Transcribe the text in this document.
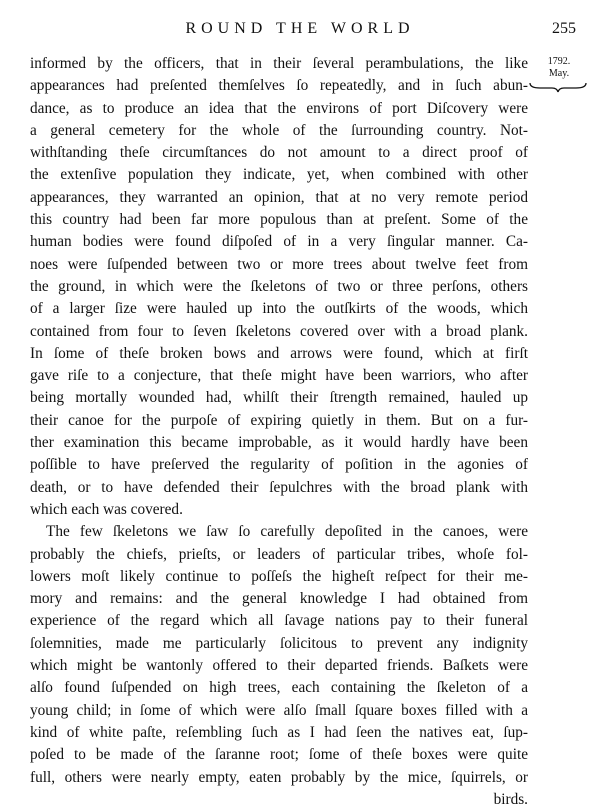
ROUND THE WORLD	255
1792.
May.
informed by the officers, that in their ſeveral perambulations, the like
appearances had preſented themſelves ſo repeatedly, and in ſuch abun-
dance, as to produce an idea that the environs of port Diſcovery were
a general cemetery for the whole of the ſurrounding country. Not-
withſtanding theſe circumſtances do not amount to a direct proof of
the extenſive population they indicate, yet, when combined with other
appearances, they warranted an opinion, that at no very remote period
this country had been far more populous than at preſent. Some of the
human bodies were found diſpoſed of in a very ſingular manner. Ca-
noes were ſuſpended between two or more trees about twelve feet from
the ground, in which were the ſkeletons of two or three perſons, others
of a larger ſize were hauled up into the outſkirts of the woods, which
contained from four to ſeven ſkeletons covered over with a broad plank.
In ſome of theſe broken bows and arrows were found, which at firſt
gave riſe to a conjecture, that theſe might have been warriors, who after
being mortally wounded had, whilſt their ſtrength remained, hauled up
their canoe for the purpoſe of expiring quietly in them. But on a fur-
ther examination this became improbable, as it would hardly have been
poſſible to have preſerved the regularity of poſition in the agonies of
death, or to have defended their ſepulchres with the broad plank with
which each was covered.
The few ſkeletons we ſaw ſo carefully depoſited in the canoes, were
probably the chiefs, prieſts, or leaders of particular tribes, whoſe fol-
lowers moſt likely continue to poſſeſs the higheſt reſpect for their me-
mory and remains: and the general knowledge I had obtained from
experience of the regard which all ſavage nations pay to their funeral
ſolemnities, made me particularly ſolicitous to prevent any indignity
which might be wantonly offered to their departed friends. Baſkets were
alſo found ſuſpended on high trees, each containing the ſkeleton of a
young child; in ſome of which were alſo ſmall ſquare boxes filled with a
kind of white paſte, reſembling ſuch as I had ſeen the natives eat, ſup-
poſed to be made of the ſaranne root; ſome of theſe boxes were quite
full, others were nearly empty, eaten probably by the mice, ſquirrels, or
birds.
